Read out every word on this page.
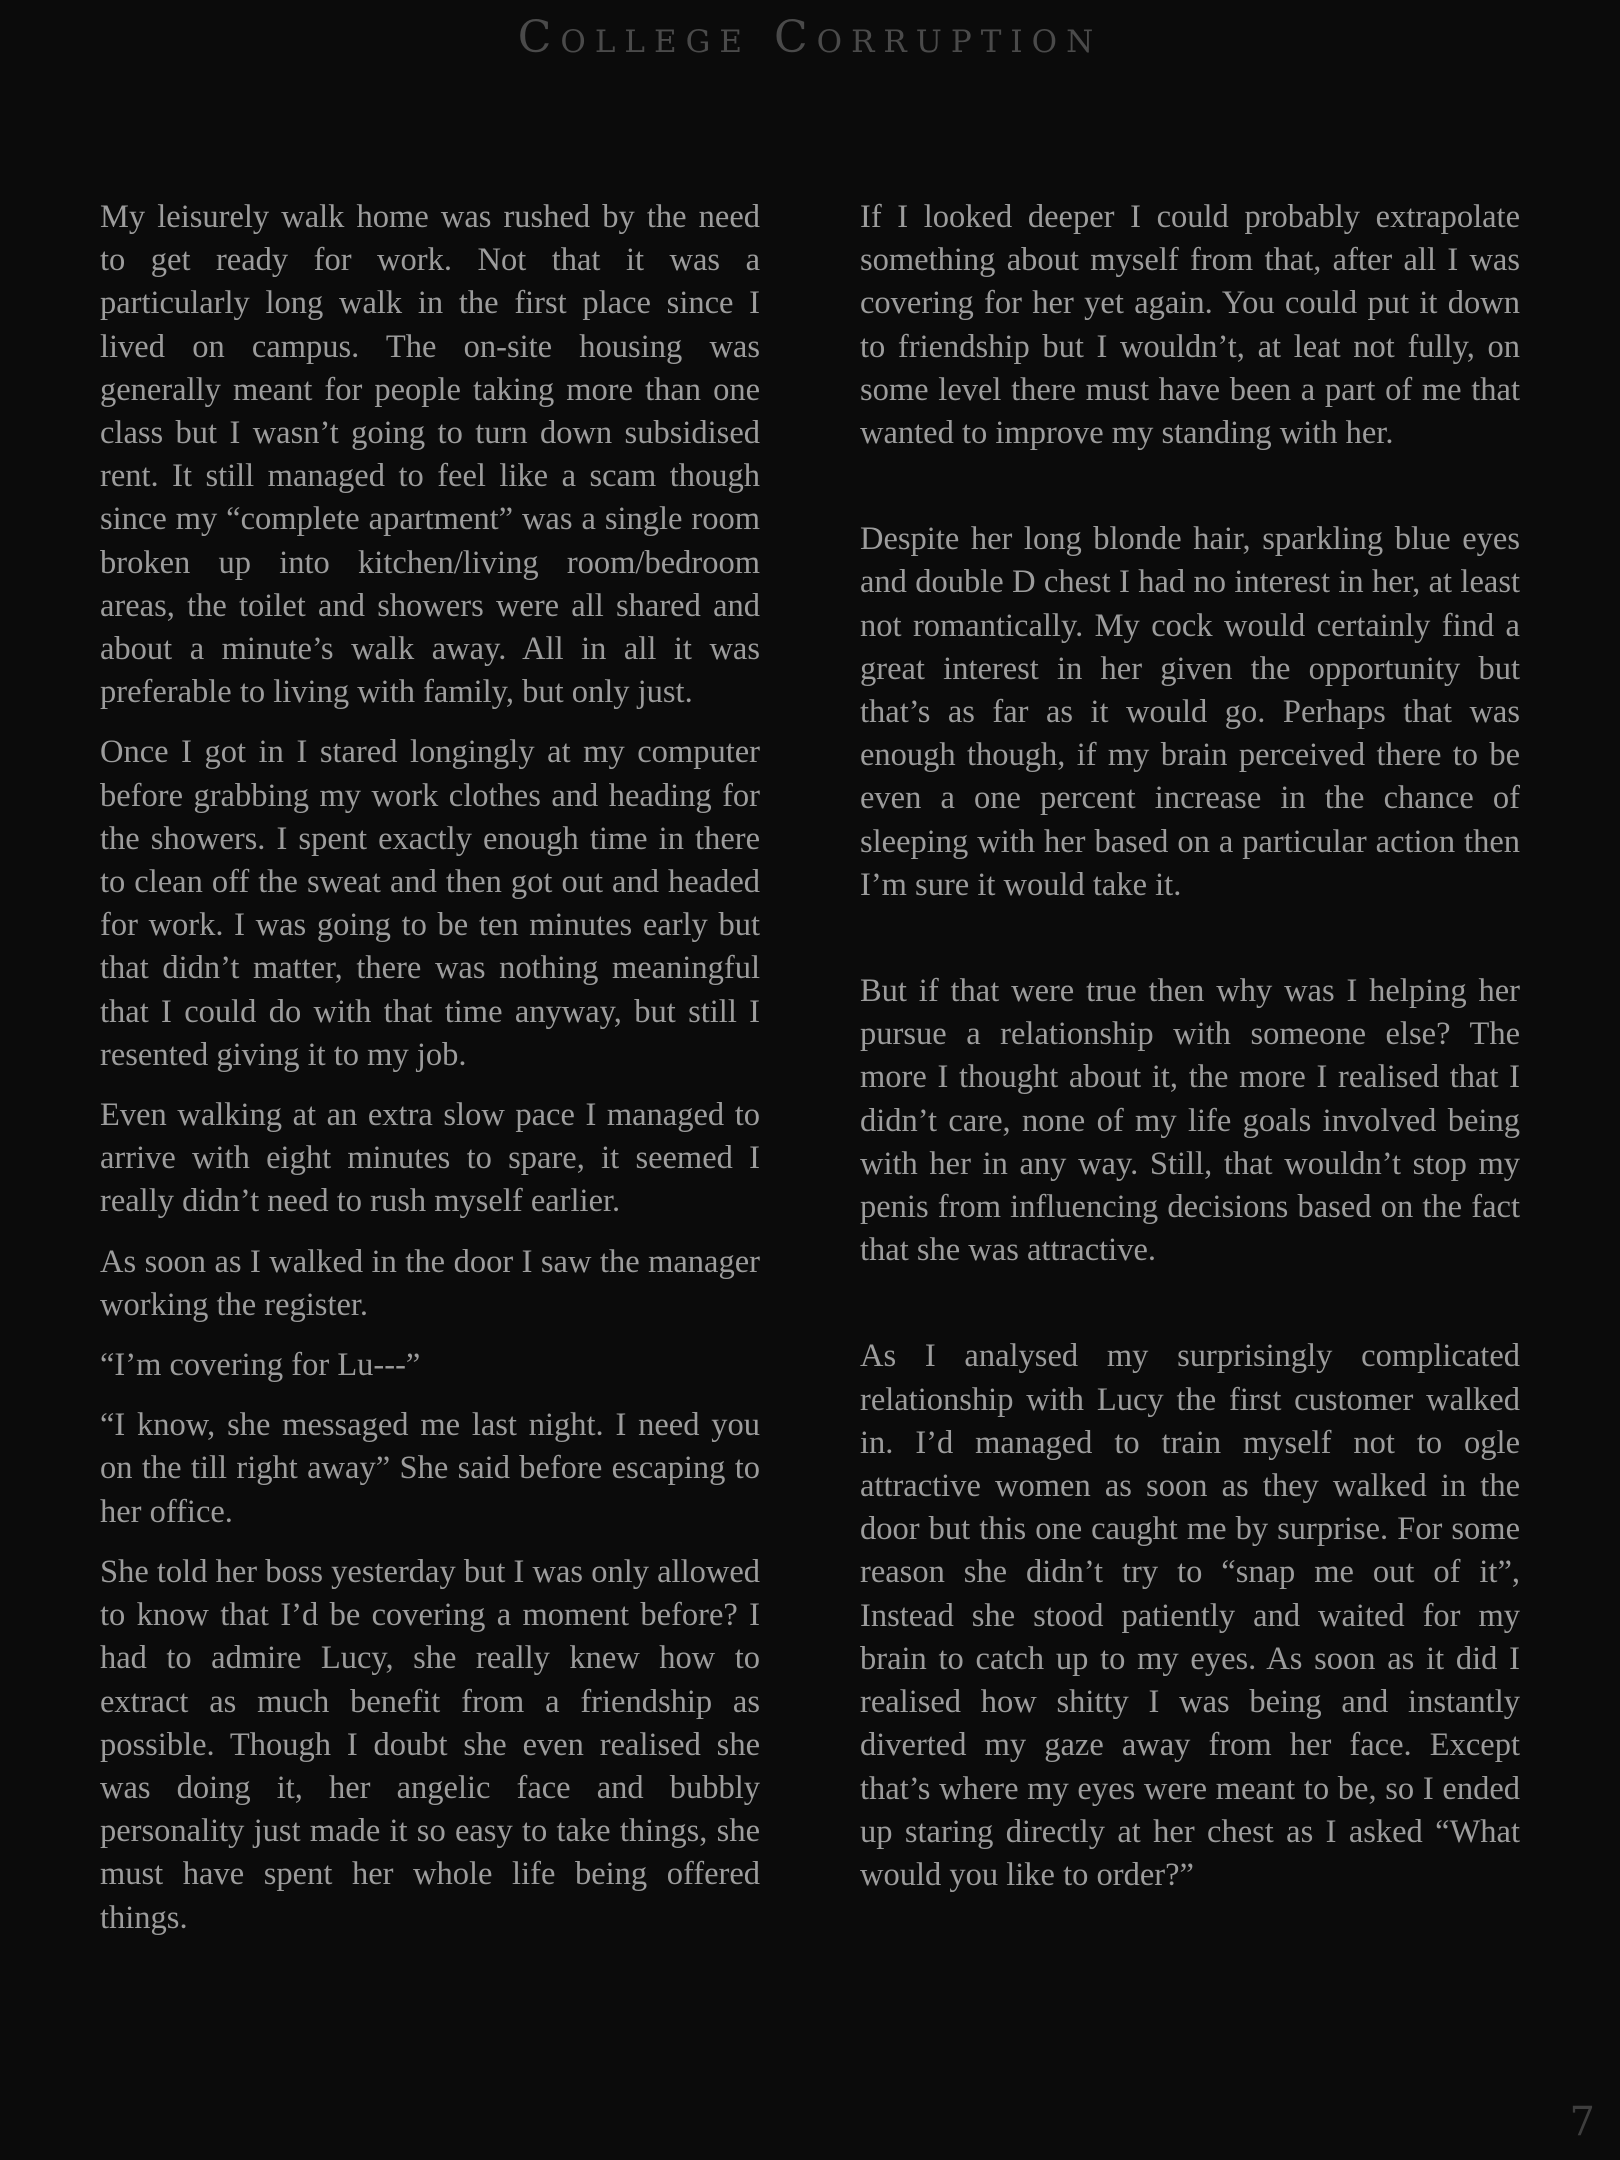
College Corruption

My leisurely walk home was rushed by the need to get ready for work. Not that it was a particularly long walk in the first place since I lived on campus. The on-site housing was generally meant for people taking more than one class but I wasn’t going to turn down subsidised rent. It still managed to feel like a scam though since my “complete apartment” was a single room broken up into kitchen/living room/bedroom areas, the toilet and showers were all shared and about a minute’s walk away. All in all it was preferable to living with family, but only just.

Once I got in I stared longingly at my computer before grabbing my work clothes and heading for the showers. I spent exactly enough time in there to clean off the sweat and then got out and headed for work. I was going to be ten minutes early but that didn’t matter, there was nothing meaningful that I could do with that time anyway, but still I resented giving it to my job.

Even walking at an extra slow pace I managed to arrive with eight minutes to spare, it seemed I really didn’t need to rush myself earlier.

As soon as I walked in the door I saw the manager working the register.

“I’m covering for Lu---”

“I know, she messaged me last night. I need you on the till right away” She said before escaping to her office.

She told her boss yesterday but I was only allowed to know that I’d be covering a moment before? I had to admire Lucy, she really knew how to extract as much benefit from a friendship as possible. Though I doubt she even realised she was doing it, her angelic face and bubbly personality just made it so easy to take things, she must have spent her whole life being offered things.

If I looked deeper I could probably extrapolate something about myself from that, after all I was covering for her yet again. You could put it down to friendship but I wouldn’t, at leat not fully, on some level there must have been a part of me that wanted to improve my standing with her.

Despite her long blonde hair, sparkling blue eyes and double D chest I had no interest in her, at least not romantically. My cock would certainly find a great interest in her given the opportunity but that’s as far as it would go. Perhaps that was enough though, if my brain perceived there to be even a one percent increase in the chance of sleeping with her based on a particular action then I’m sure it would take it.

But if that were true then why was I helping her pursue a relationship with someone else? The more I thought about it, the more I realised that I didn’t care, none of my life goals involved being with her in any way. Still, that wouldn’t stop my penis from influencing decisions based on the fact that she was attractive.

As I analysed my surprisingly complicated relationship with Lucy the first customer walked in. I’d managed to train myself not to ogle attractive women as soon as they walked in the door but this one caught me by surprise. For some reason she didn’t try to “snap me out of it”, Instead she stood patiently and waited for my brain to catch up to my eyes. As soon as it did I realised how shitty I was being and instantly diverted my gaze away from her face. Except that’s where my eyes were meant to be, so I ended up staring directly at her chest as I asked “What would you like to order?”

7
